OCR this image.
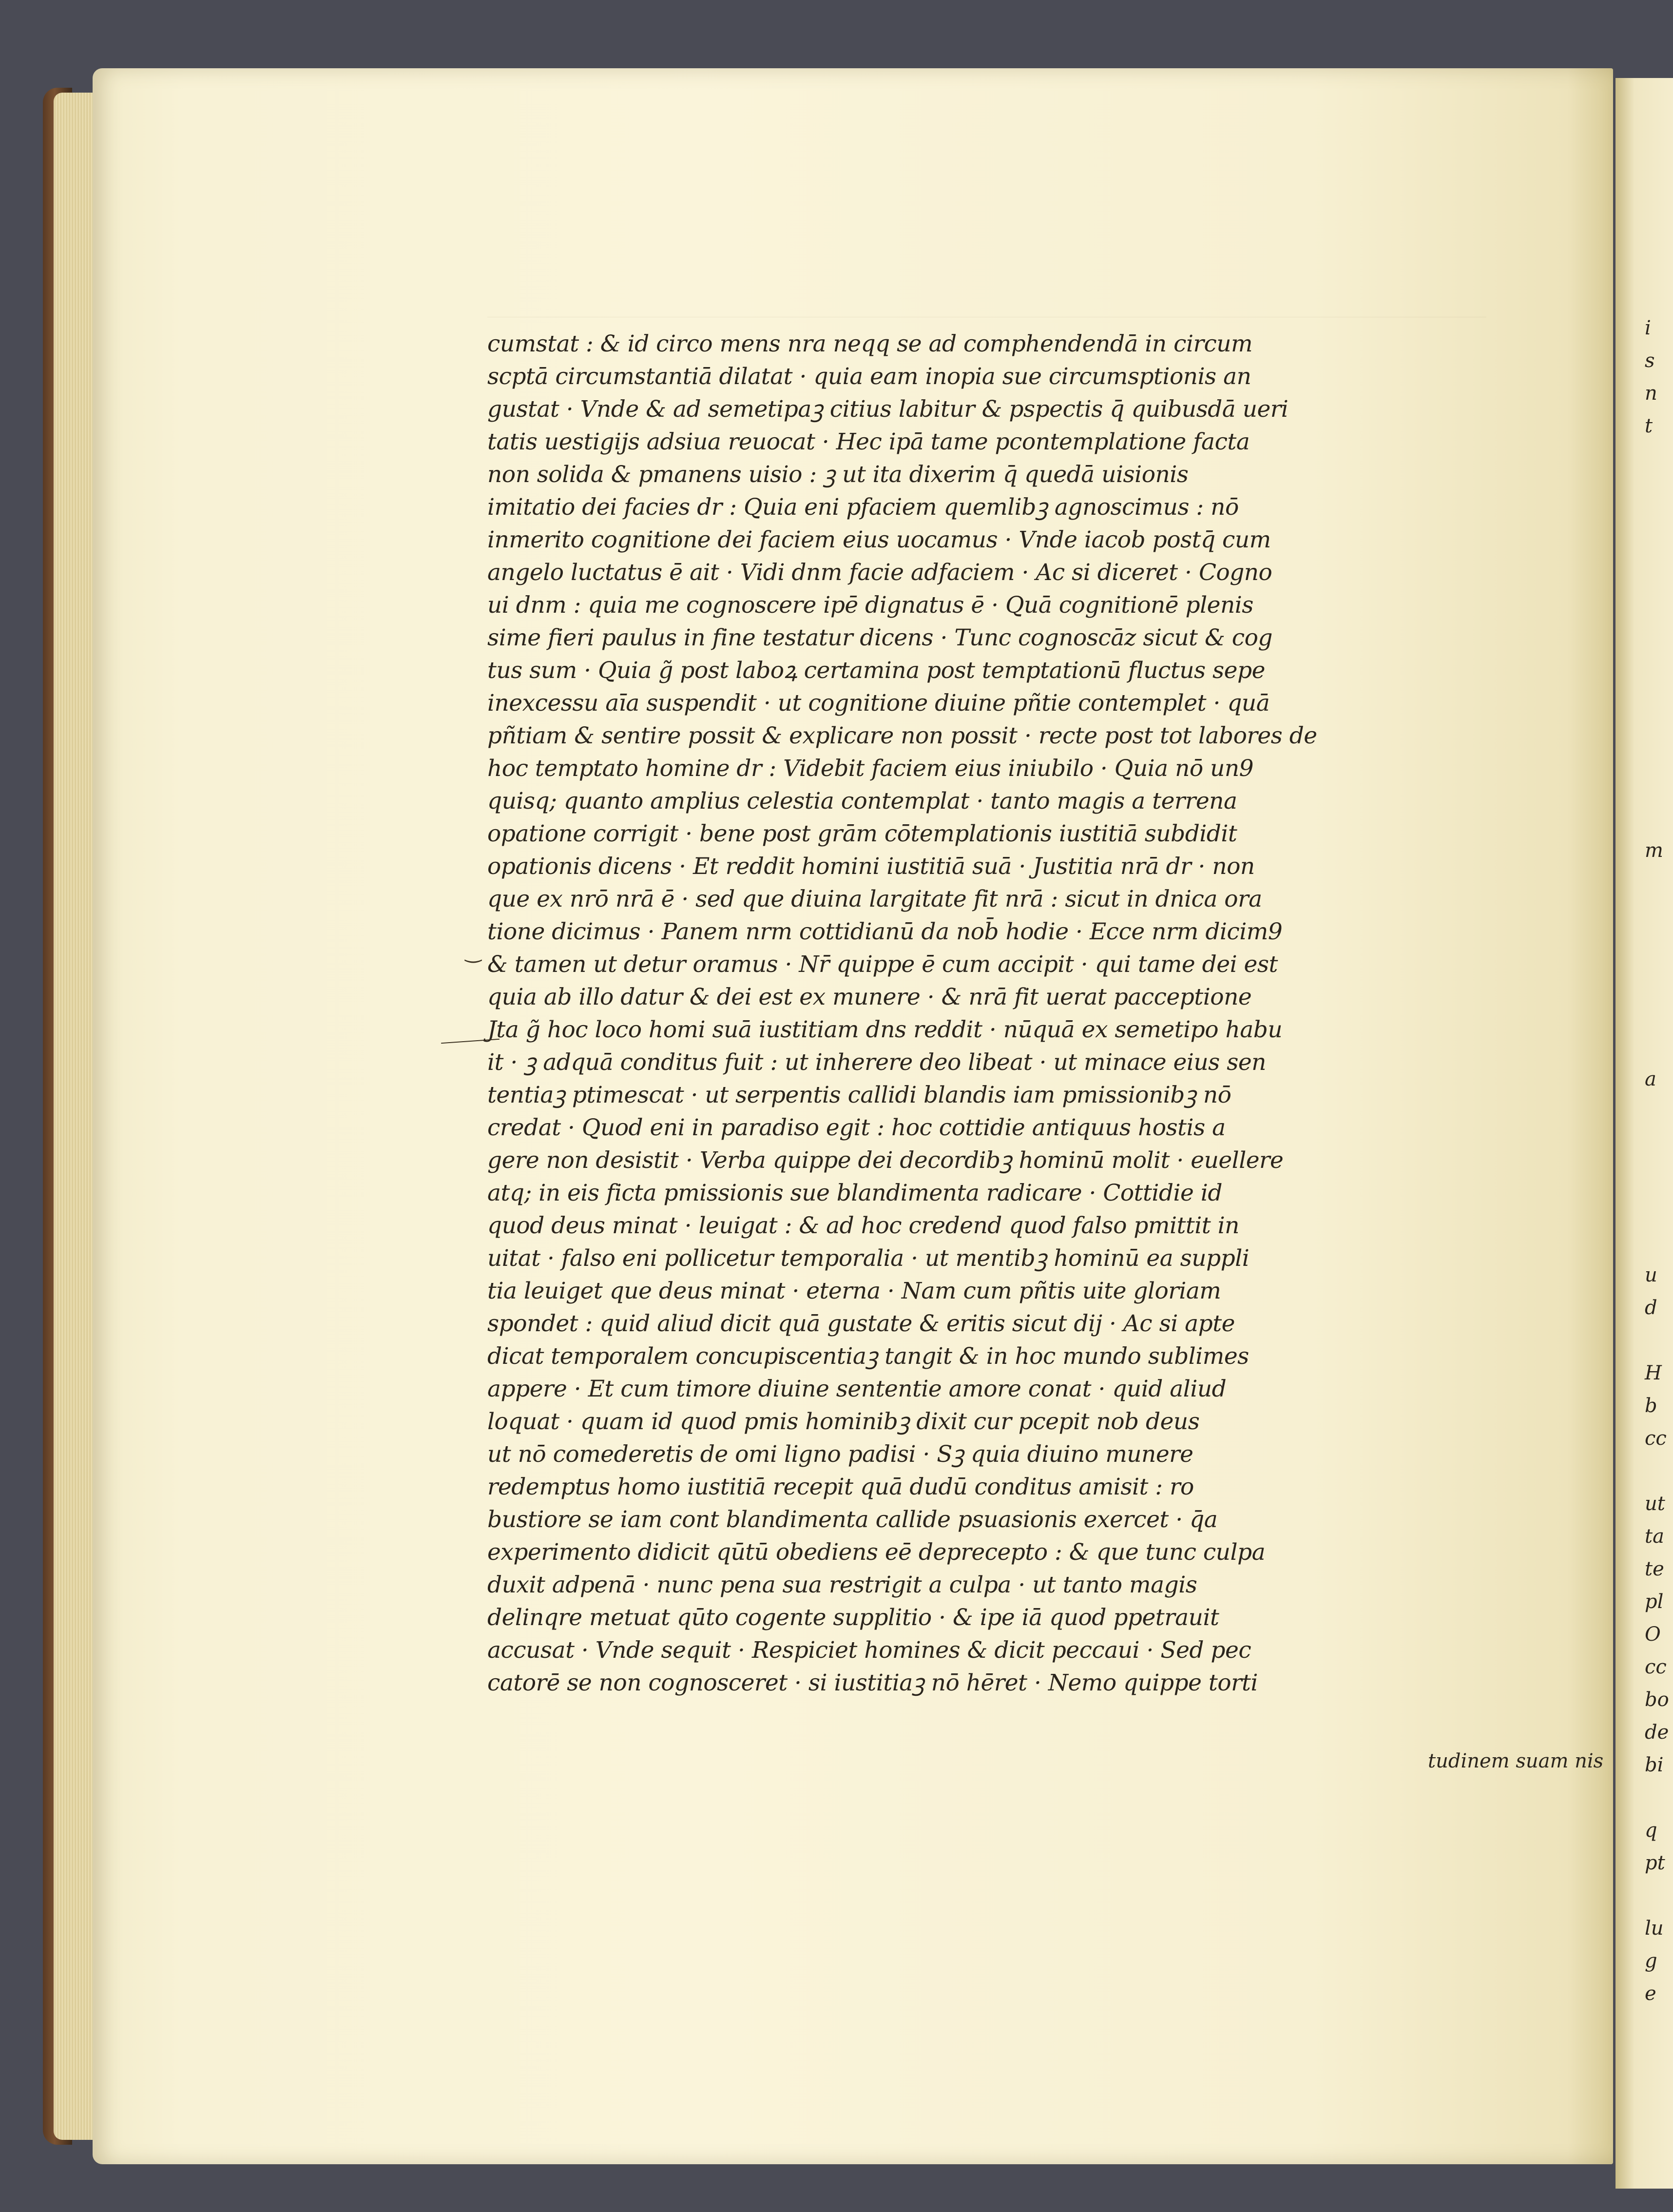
cumstat : & id circo mens nra neqq se ad comphendendā in circum
scptā circumstantiā dilatat · quia eam inopia sue circumsptionis an
gustat · Vnde & ad semetipaꝫ citius labitur & pspectis q̄ quibusdā ueri
tatis uestigijs adsiua reuocat · Hec ipā tame pcontemplatione facta
non solida & pmanens uisio : ꝫ ut ita dixerim q̄ quedā uisionis
imitatio dei facies dr : Quia eni pfaciem quemlibꝫ agnoscimus : nō
inmerito cognitione dei faciem eius uocamus · Vnde iacob postq̄ cum
angelo luctatus ē ait · Vidi dnm facie adfaciem · Ac si diceret · Cogno
ui dnm : quia me cognoscere ipē dignatus ē · Quā cognitionē plenis
sime fieri paulus in fine testatur dicens · Tunc cognoscāz sicut & cog
tus sum · Quia g̃ post laboꝝ certamina post temptationū fluctus sepe
inexcessu aīa suspendit · ut cognitione diuine pñtie contemplet · quā
pñtiam & sentire possit & explicare non possit · recte post tot labores de
hoc temptato homine dr : Videbit faciem eius iniubilo · Quia nō un9
quisq; quanto amplius celestia contemplat · tanto magis a terrena
opatione corrigit · bene post grām cōtemplationis iustitiā subdidit
opationis dicens · Et reddit homini iustitiā suā · Justitia nrā dr · non
que ex nrō nrā ē · sed que diuina largitate fit nrā : sicut in dnica ora
tione dicimus · Panem nrm cottidianū da nob̄ hodie · Ecce nrm dicim9
& tamen ut detur oramus · Nr̄ quippe ē cum accipit · qui tame dei est
quia ab illo datur & dei est ex munere · & nrā fit uerat pacceptione
Jta g̃ hoc loco homi suā iustitiam dns reddit · nūquā ex semetipo habu
it · ꝫ adquā conditus fuit : ut inherere deo libeat · ut minace eius sen
tentiaꝫ ptimescat · ut serpentis callidi blandis iam pmissionibꝫ nō
credat · Quod eni in paradiso egit : hoc cottidie antiquus hostis a
gere non desistit · Verba quippe dei decordibꝫ hominū molit · euellere
atq; in eis ficta pmissionis sue blandimenta radicare · Cottidie id
quod deus minat · leuigat : & ad hoc credend quod falso pmittit in
uitat · falso eni pollicetur temporalia · ut mentibꝫ hominū ea suppli
tia leuiget que deus minat · eterna · Nam cum pñtis uite gloriam
spondet : quid aliud dicit quā gustate & eritis sicut dij · Ac si apte
dicat temporalem concupiscentiaꝫ tangit & in hoc mundo sublimes
appere · Et cum timore diuine sententie amore conat · quid aliud
loquat · quam id quod pmis hominibꝫ dixit cur pcepit nob deus
ut nō comederetis de omi ligno padisi · Sꝫ quia diuino munere
redemptus homo iustitiā recepit quā dudū conditus amisit : ro
bustiore se iam cont blandimenta callide psuasionis exercet · q̄a
experimento didicit qūtū obediens eē deprecepto : & que tunc culpa
duxit adpenā · nunc pena sua restrigit a culpa · ut tanto magis
delinqre metuat qūto cogente supplitio · & ipe iā quod ppetrauit
accusat · Vnde sequit · Respiciet homines & dicit peccaui · Sed pec
catorē se non cognosceret · si iustitiaꝫ nō hēret · Nemo quippe torti
‿
tudinem suam nis
i
s
n
t
m
a
u
d
H
b
cc
ut
ta
te
pl
O
cc
bo
de
bi
q
pt
lu
g
e
